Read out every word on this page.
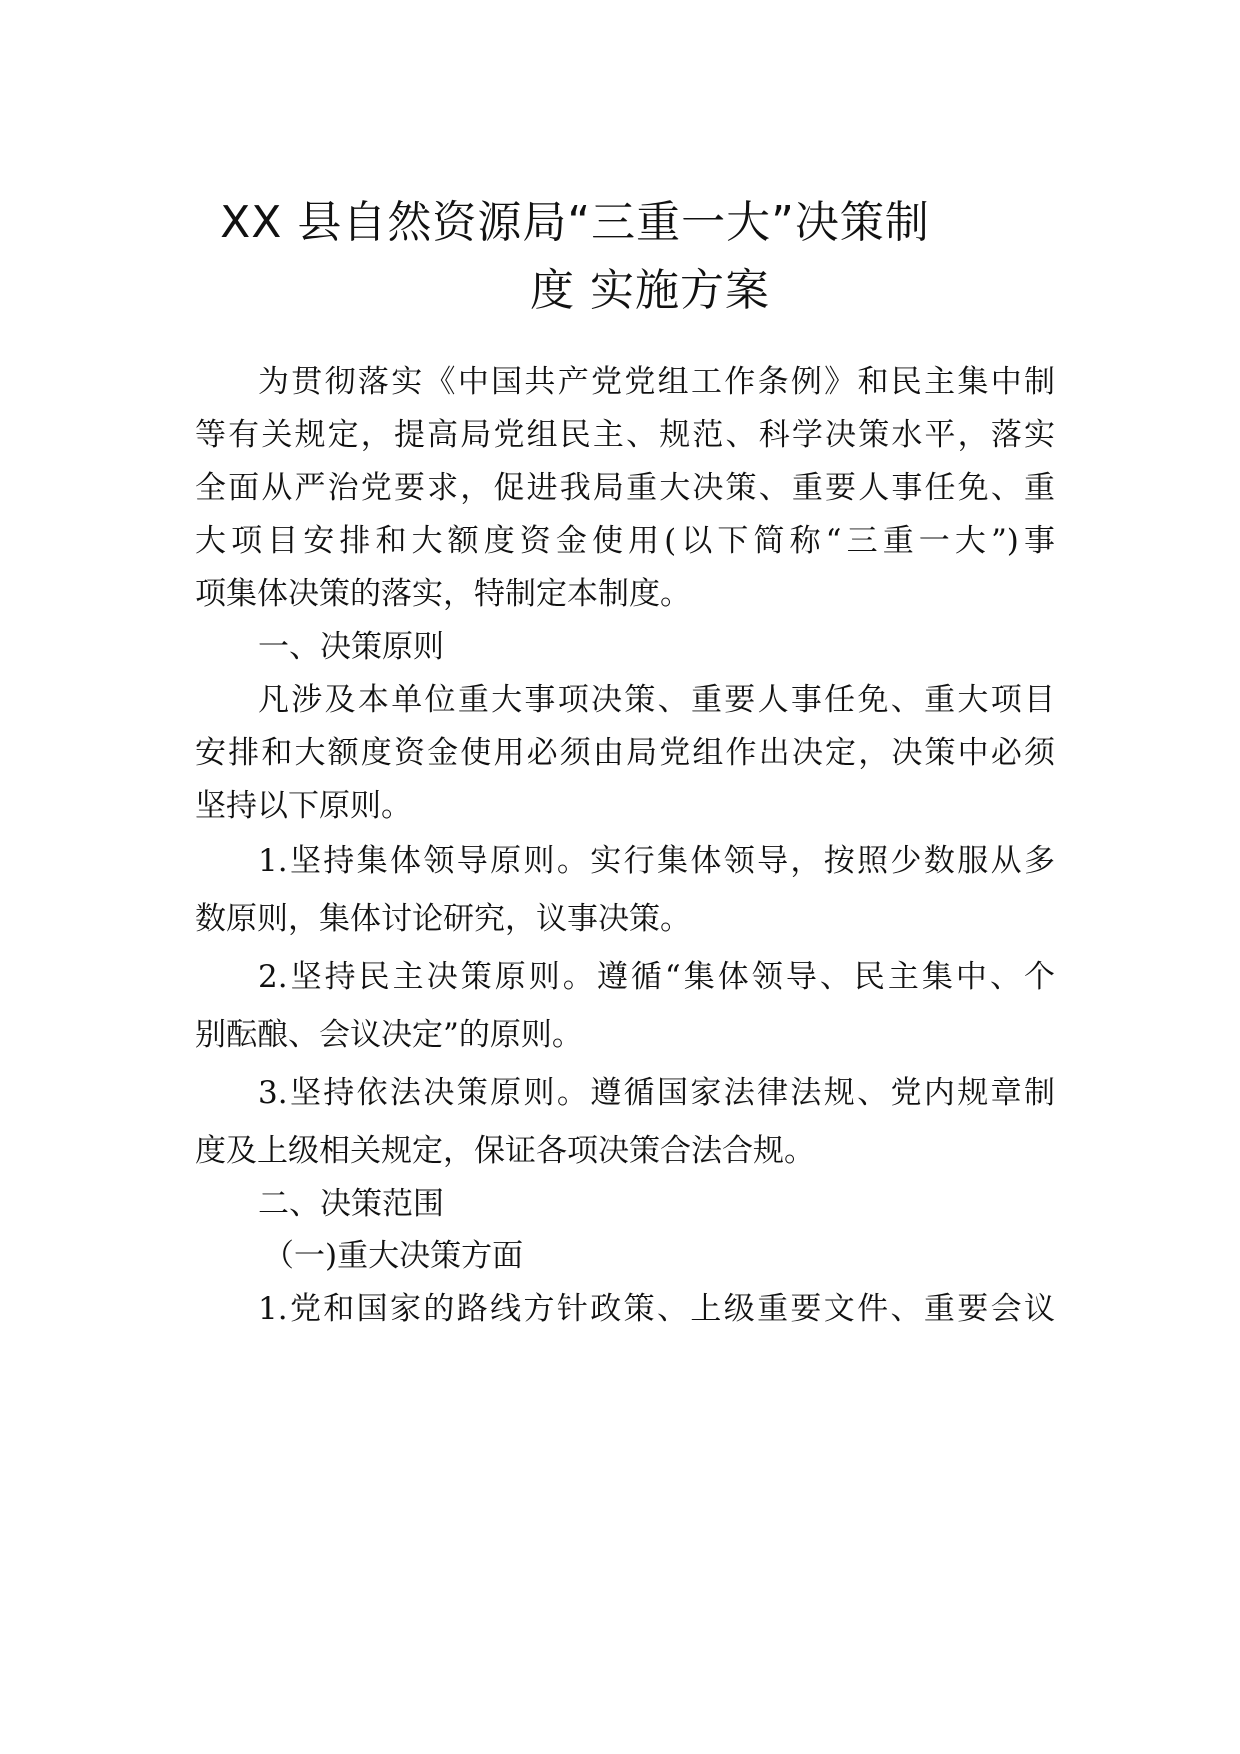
XX 县自然资源局“三重一大”决策制
度 实施方案
为贯彻落实《中国共产党党组工作条例》和民主集中制
等有关规定，提高局党组民主、规范、科学决策水平，落实
全面从严治党要求，促进我局重大决策、重要人事任免、重
大项目安排和大额度资金使用(以下简称“三重一大”)事
项集体决策的落实，特制定本制度。
一、决策原则
凡涉及本单位重大事项决策、重要人事任免、重大项目
安排和大额度资金使用必须由局党组作出决定，决策中必须
坚持以下原则。
1.坚持集体领导原则。实行集体领导，按照少数服从多
数原则，集体讨论研究，议事决策。
2.坚持民主决策原则。遵循“集体领导、民主集中、个
别酝酿、会议决定”的原则。
3.坚持依法决策原则。遵循国家法律法规、党内规章制
度及上级相关规定，保证各项决策合法合规。
二、决策范围
（一)重大决策方面
1.党和国家的路线方针政策、上级重要文件、重要会议
